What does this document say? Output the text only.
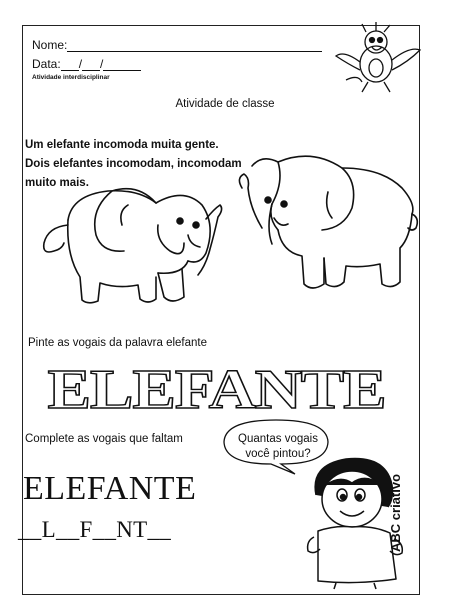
Nome:
Data: / /
Atividade interdisciplinar
Atividade de classe
Um elefante incomoda muita gente.
Dois elefantes incomodam, incomodam
muito mais.
Pinte as vogais da palavra elefante
ELEFANTE
Complete as vogais que faltam	Quantas vogais
você pintou?
ELEFANTE
__L__F__NT__	ABC criativo
